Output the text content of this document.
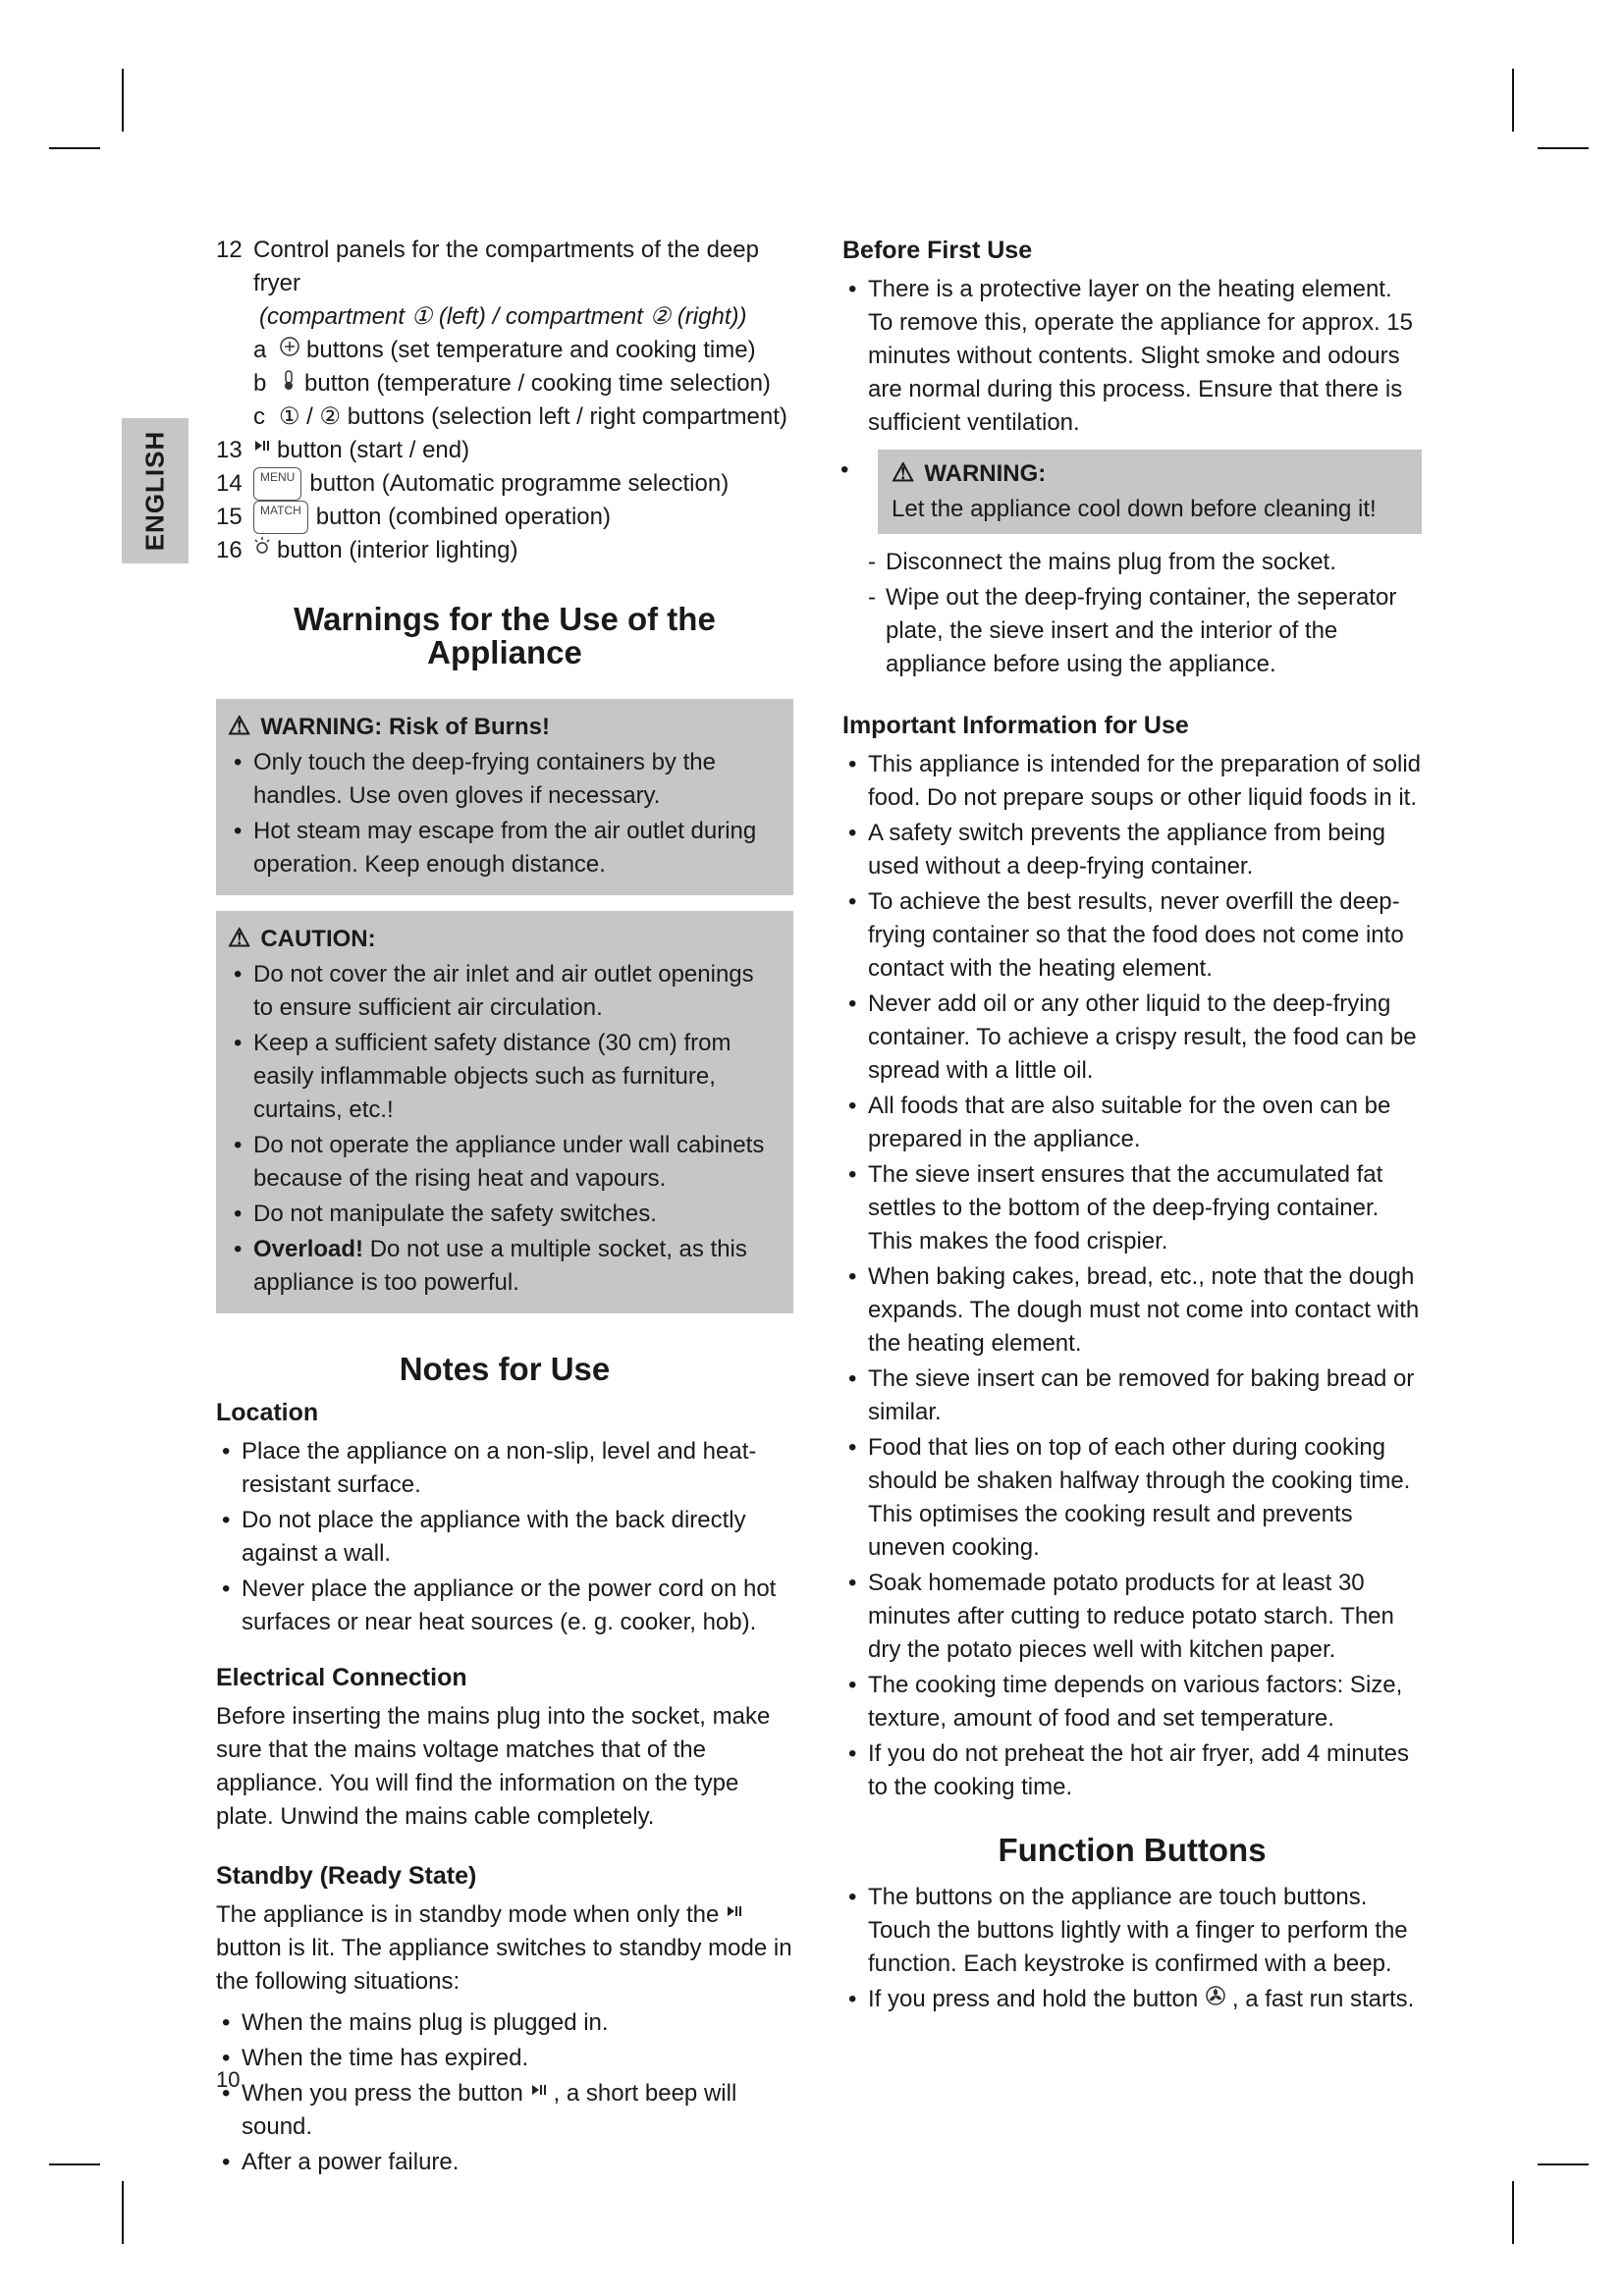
ENGLISH
12 Control panels for the compartments of the deep fryer
(compartment ① (left) / compartment ② (right))
a	buttons (set temperature and cooking time)
b	button (temperature / cooking time selection)
c ① / ② buttons (selection left / right compartment)
13	button (start / end)
14	MENU button (Automatic programme selection)
15	MATCH button (combined operation)
16	button (interior lighting)
Warnings for the Use of the Appliance
⚠ WARNING: Risk of Burns!
• Only touch the deep-frying containers by the handles. Use oven gloves if necessary.
• Hot steam may escape from the air outlet during operation. Keep enough distance.
⚠ CAUTION:
• Do not cover the air inlet and air outlet openings to ensure sufficient air circulation.
• Keep a sufficient safety distance (30 cm) from easily inflammable objects such as furniture, curtains, etc.!
• Do not operate the appliance under wall cabinets because of the rising heat and vapours.
• Do not manipulate the safety switches.
• Overload! Do not use a multiple socket, as this appliance is too powerful.
Notes for Use
Location
• Place the appliance on a non-slip, level and heat-resistant surface.
• Do not place the appliance with the back directly against a wall.
• Never place the appliance or the power cord on hot surfaces or near heat sources (e. g. cooker, hob).
Electrical Connection

Before inserting the mains plug into the socket, make sure that the mains voltage matches that of the appliance. You will find the information on the type plate. Unwind the mains cable completely.

Standby (Ready State)

The appliance is in standby mode when only the  button is lit. The appliance switches to standby mode in the following situations:

• When the mains plug is plugged in.
• When the time has expired.
• When you press the button , a short beep will sound.
• After a power failure.
Before First Use
• There is a protective layer on the heating element. To remove this, operate the appliance for approx. 15 minutes without contents. Slight smoke and odours are normal during this process. Ensure that there is sufficient ventilation.
• ⚠ WARNING:
Let the appliance cool down before cleaning it!
- Disconnect the mains plug from the socket.
- Wipe out the deep-frying container, the seperator plate, the sieve insert and the interior of the appliance before using the appliance.
Important Information for Use
• This appliance is intended for the preparation of solid food. Do not prepare soups or other liquid foods in it.
• A safety switch prevents the appliance from being used without a deep-frying container.
• To achieve the best results, never overfill the deep-frying container so that the food does not come into contact with the heating element.
• Never add oil or any other liquid to the deep-frying container. To achieve a crispy result, the food can be spread with a little oil.
• All foods that are also suitable for the oven can be prepared in the appliance.
• The sieve insert ensures that the accumulated fat settles to the bottom of the deep-frying container. This makes the food crispier.
• When baking cakes, bread, etc., note that the dough expands. The dough must not come into contact with the heating element.
• The sieve insert can be removed for baking bread or similar.
• Food that lies on top of each other during cooking should be shaken halfway through the cooking time. This optimises the cooking result and prevents uneven cooking.
• Soak homemade potato products for at least 30 minutes after cutting to reduce potato starch. Then dry the potato pieces well with kitchen paper.
• The cooking time depends on various factors: Size, texture, amount of food and set temperature.
• If you do not preheat the hot air fryer, add 4 minutes to the cooking time.
Function Buttons
• The buttons on the appliance are touch buttons. Touch the buttons lightly with a finger to perform the function. Each keystroke is confirmed with a beep.
• If you press and hold the button , a fast run starts.
10
